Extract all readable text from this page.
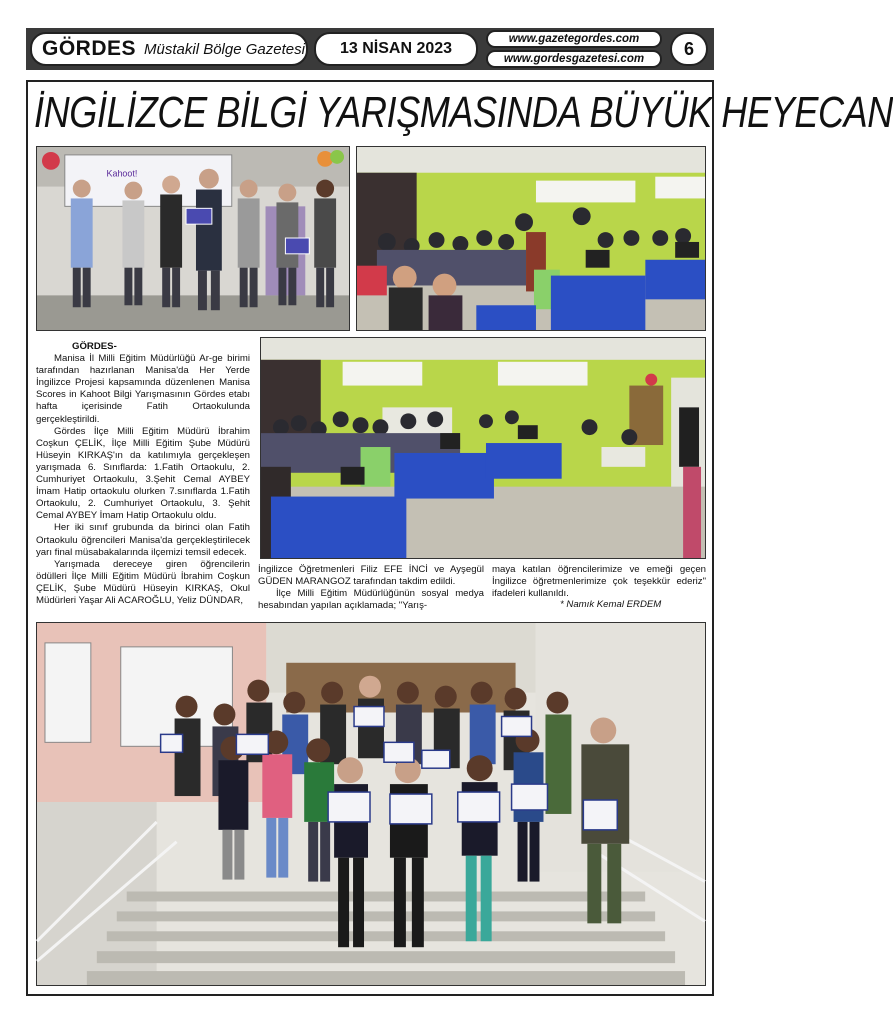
GÖRDES Müstakil Bölge Gazetesi	13 NİSAN 2023
www.gazetegordes.com
www.gordesgazetesi.com
6
İNGİLİZCE BİLGİ YARIŞMASINDA BÜYÜK HEYECAN
Kahoot!
GÖRDES-

Manisa İl Milli Eğitim Müdürlüğü Ar-ge birimi tarafından hazırlanan Manisa'da Her Yerde İngilizce Projesi kapsamında düzenlenen Manisa Scores in Kahoot Bilgi Yarışmasının Gördes etabı hafta içerisinde Fatih Ortaokulunda gerçekleştirildi.

Gördes İlçe Milli Eğitim Müdürü İbrahim Coşkun ÇELİK, İlçe Milli Eğitim Şube Müdürü Hüseyin KIRKAŞ'ın da katılımıyla gerçekleşen yarışmada 6. Sınıflarda: 1.Fatih Ortaokulu, 2. Cumhuriyet Ortaokulu, 3.Şehit Cemal AYBEY İmam Hatip ortaokulu olurken 7.sınıflarda 1.Fatih Ortaokulu, 2. Cumhuriyet Ortaokulu, 3. Şehit Cemal AYBEY İmam Hatip Ortaokulu oldu.

Her iki sınıf grubunda da birinci olan Fatih Ortaokulu öğrencileri Manisa'da gerçekleştirilecek yarı final müsabakalarında ilçemizi temsil edecek.

Yarışmada dereceye giren öğrencilerin ödülleri İlçe Milli Eğitim Müdürü İbrahim Coşkun ÇELİK, Şube Müdürü Hüseyin KIRKAŞ, Okul Müdürleri Yaşar Ali ACAROĞLU, Yeliz DÜNDAR,

İngilizce Öğretmenleri Filiz EFE İNCİ ve Ayşegül GÜDEN MARANGOZ tarafından takdim edildi.

İlçe Milli Eğitim Müdürlüğünün sosyal medya hesabından yapılan açıklamada; "Yarış-

maya katılan öğrencilerimize ve emeği geçen İngilizce öğretmenlerimize çok teşekkür ederiz" ifadeleri kullanıldı.

* Namık Kemal ERDEM
